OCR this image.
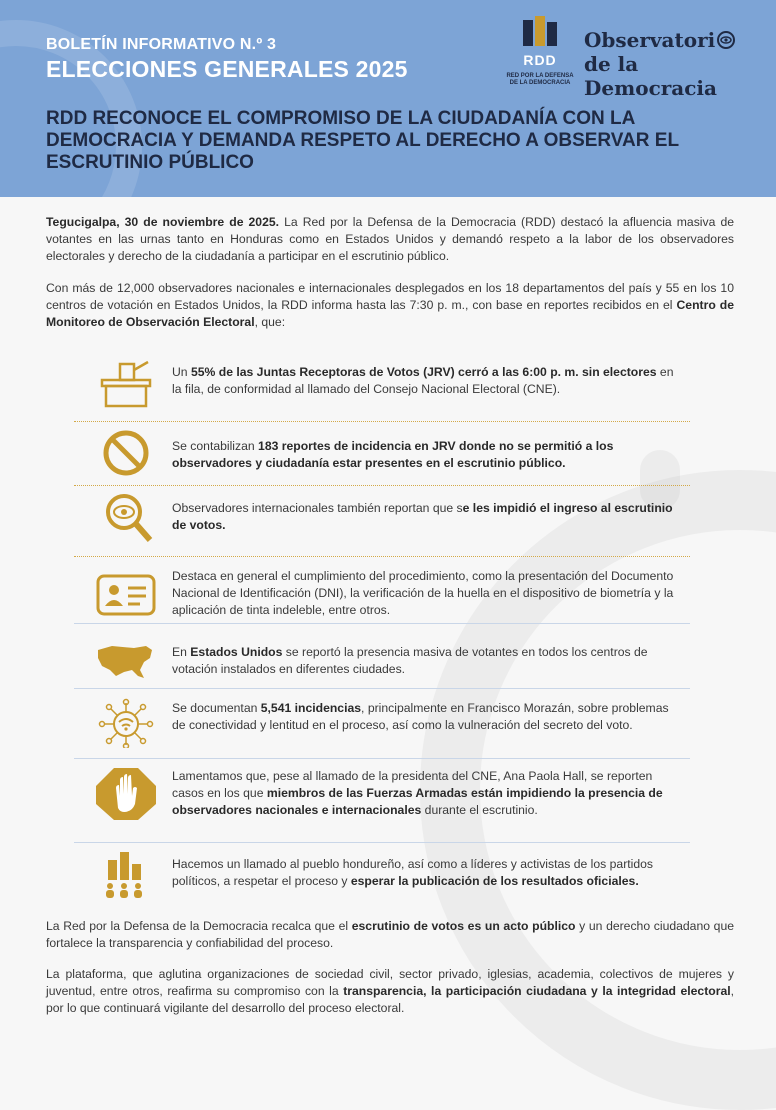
BOLETÍN INFORMATIVO N.º 3
ELECCIONES GENERALES 2025	RDD
RED POR LA DEFENSA
DE LA DEMOCRACIA
Observatori
de la Democracia
RDD RECONOCE EL COMPROMISO DE LA CIUDADANÍA CON LA DEMOCRACIA Y DEMANDA RESPETO AL DERECHO A OBSERVAR EL ESCRUTINIO PÚBLICO
Tegucigalpa, 30 de noviembre de 2025. La Red por la Defensa de la Democracia (RDD) destacó la afluencia masiva de votantes en las urnas tanto en Honduras como en Estados Unidos y demandó respeto a la labor de los observadores electorales y derecho de la ciudadanía a participar en el escrutinio público.
Con más de 12,000 observadores nacionales e internacionales desplegados en los 18 departamentos del país y 55 en los 10 centros de votación en Estados Unidos, la RDD informa hasta las 7:30 p. m., con base en reportes recibidos en el Centro de Monitoreo de Observación Electoral, que:
Un 55% de las Juntas Receptoras de Votos (JRV) cerró a las 6:00 p. m. sin electores en la fila, de conformidad al llamado del Consejo Nacional Electoral (CNE).
Se contabilizan 183 reportes de incidencia en JRV donde no se permitió a los observadores y ciudadanía estar presentes en el escrutinio público.
Observadores internacionales también reportan que se les impidió el ingreso al escrutinio de votos.
Destaca en general el cumplimiento del procedimiento, como la presentación del Documento Nacional de Identificación (DNI), la verificación de la huella en el dispositivo de biometría y la aplicación de tinta indeleble, entre otros.
En Estados Unidos se reportó la presencia masiva de votantes en todos los centros de votación instalados en diferentes ciudades.
Se documentan 5,541 incidencias, principalmente en Francisco Morazán, sobre problemas de conectividad y lentitud en el proceso, así como la vulneración del secreto del voto.
Lamentamos que, pese al llamado de la presidenta del CNE, Ana Paola Hall, se reporten casos en los que miembros de las Fuerzas Armadas están impidiendo la presencia de observadores nacionales e internacionales durante el escrutinio.
Hacemos un llamado al pueblo hondureño, así como a líderes y activistas de los partidos políticos, a respetar el proceso y esperar la publicación de los resultados oficiales.
La Red por la Defensa de la Democracia recalca que el escrutinio de votos es un acto público y un derecho ciudadano que fortalece la transparencia y confiabilidad del proceso.
La plataforma, que aglutina organizaciones de sociedad civil, sector privado, iglesias, academia, colectivos de mujeres y juventud, entre otros, reafirma su compromiso con la transparencia, la participación ciudadana y la integridad electoral, por lo que continuará vigilante del desarrollo del proceso electoral.
